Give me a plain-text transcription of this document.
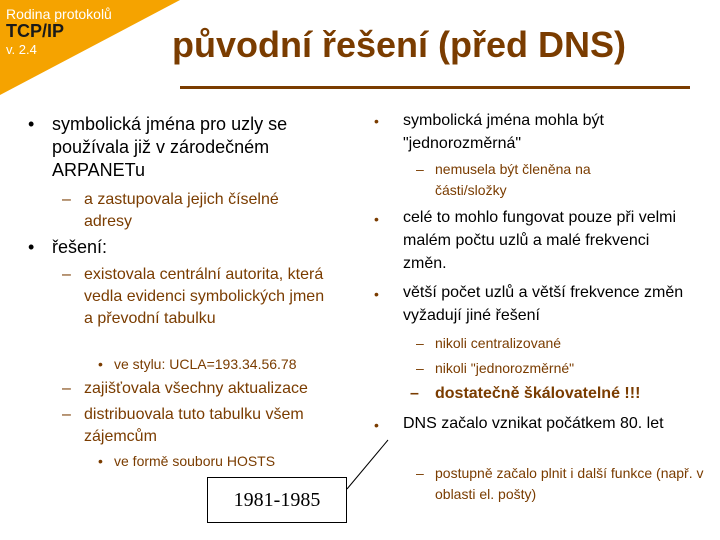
Rodina protokolů
TCP/IP
v. 2.4	původní řešení (před DNS)
• symbolická jména pro uzly se používala již v zárodečném ARPANETu
– a zastupovala jejich číselné adresy
• řešení:
– existovala centrální autorita, která vedla evidenci symbolických jmen a převodní tabulku
• ve stylu: UCLA=193.34.56.78
– zajišťovala všechny aktualizace
– distribuovala tuto tabulku všem zájemcům
• ve formě souboru HOSTS
• symbolická jména mohla být "jednorozměrná"
– nemusela být členěna na části/složky
• celé to mohlo fungovat pouze při velmi malém počtu uzlů a malé frekvenci změn.
• větší počet uzlů a větší frekvence změn vyžadují jiné řešení
– nikoli centralizované
– nikoli "jednorozměrné"
– dostatečně škálovatelné !!!
• DNS začalo vznikat počátkem 80. let
– postupně začalo plnit i další funkce (např. v oblasti el. pošty)
1981-1985
